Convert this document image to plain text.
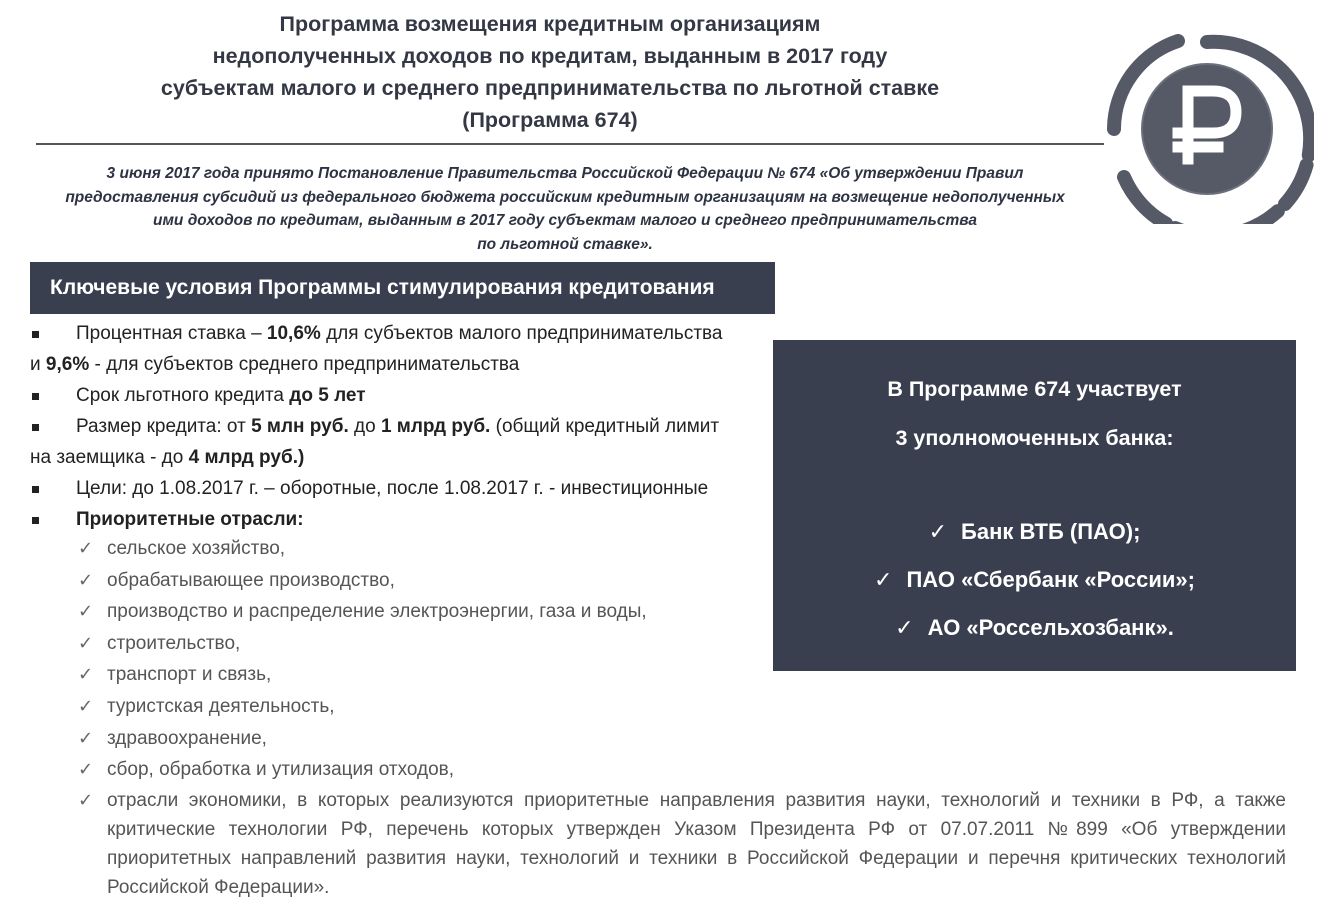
Программа возмещения кредитным организациям
недополученных доходов по кредитам, выданным в 2017 году
субъектам малого и среднего предпринимательства по льготной ставке
(Программа 674)
3 июня 2017 года принято Постановление Правительства Российской Федерации № 674 «Об утверждении Правил
предоставления субсидий из федерального бюджета российским кредитным организациям на возмещение недополученных
ими доходов по кредитам, выданным в 2017 году субъектам малого и среднего предпринимательства
по льготной ставке».
Ключевые условия Программы стимулирования кредитования

Процентная ставка – 10,6% для субъектов малого предпринимательства

и 9,6% - для субъектов среднего предпринимательства
Срок льготного кредита до 5 лет

Размер кредита: от 5 млн руб. до 1 млрд руб. (общий кредитный лимит

на заемщика - до 4 млрд руб.)
Цели: до 1.08.2017 г. – оборотные, после 1.08.2017 г. - инвестиционные
Приоритетные отрасли:
✓ сельское хозяйство,
✓ обрабатывающее производство,
✓ производство и распределение электроэнергии, газа и воды,
✓ строительство,
✓ транспорт и связь,
✓ туристская деятельность,
✓ здравоохранение,
✓ сбор, обработка и утилизация отходов,
✓ отрасли экономики, в которых реализуются приоритетные направления развития науки, технологий и техники в РФ, а также критические технологии РФ, перечень которых утвержден Указом Президента РФ от 07.07.2011 №899 «Об утверждении приоритетных направлений развития науки, технологий и техники в Российской Федерации и перечня критических технологий Российской Федерации».
В Программе 674 участвует
3 уполномоченных банка:
✓ Банк ВТБ (ПАО);
✓ ПАО «Сбербанк «России»;
✓ АО «Россельхозбанк».
